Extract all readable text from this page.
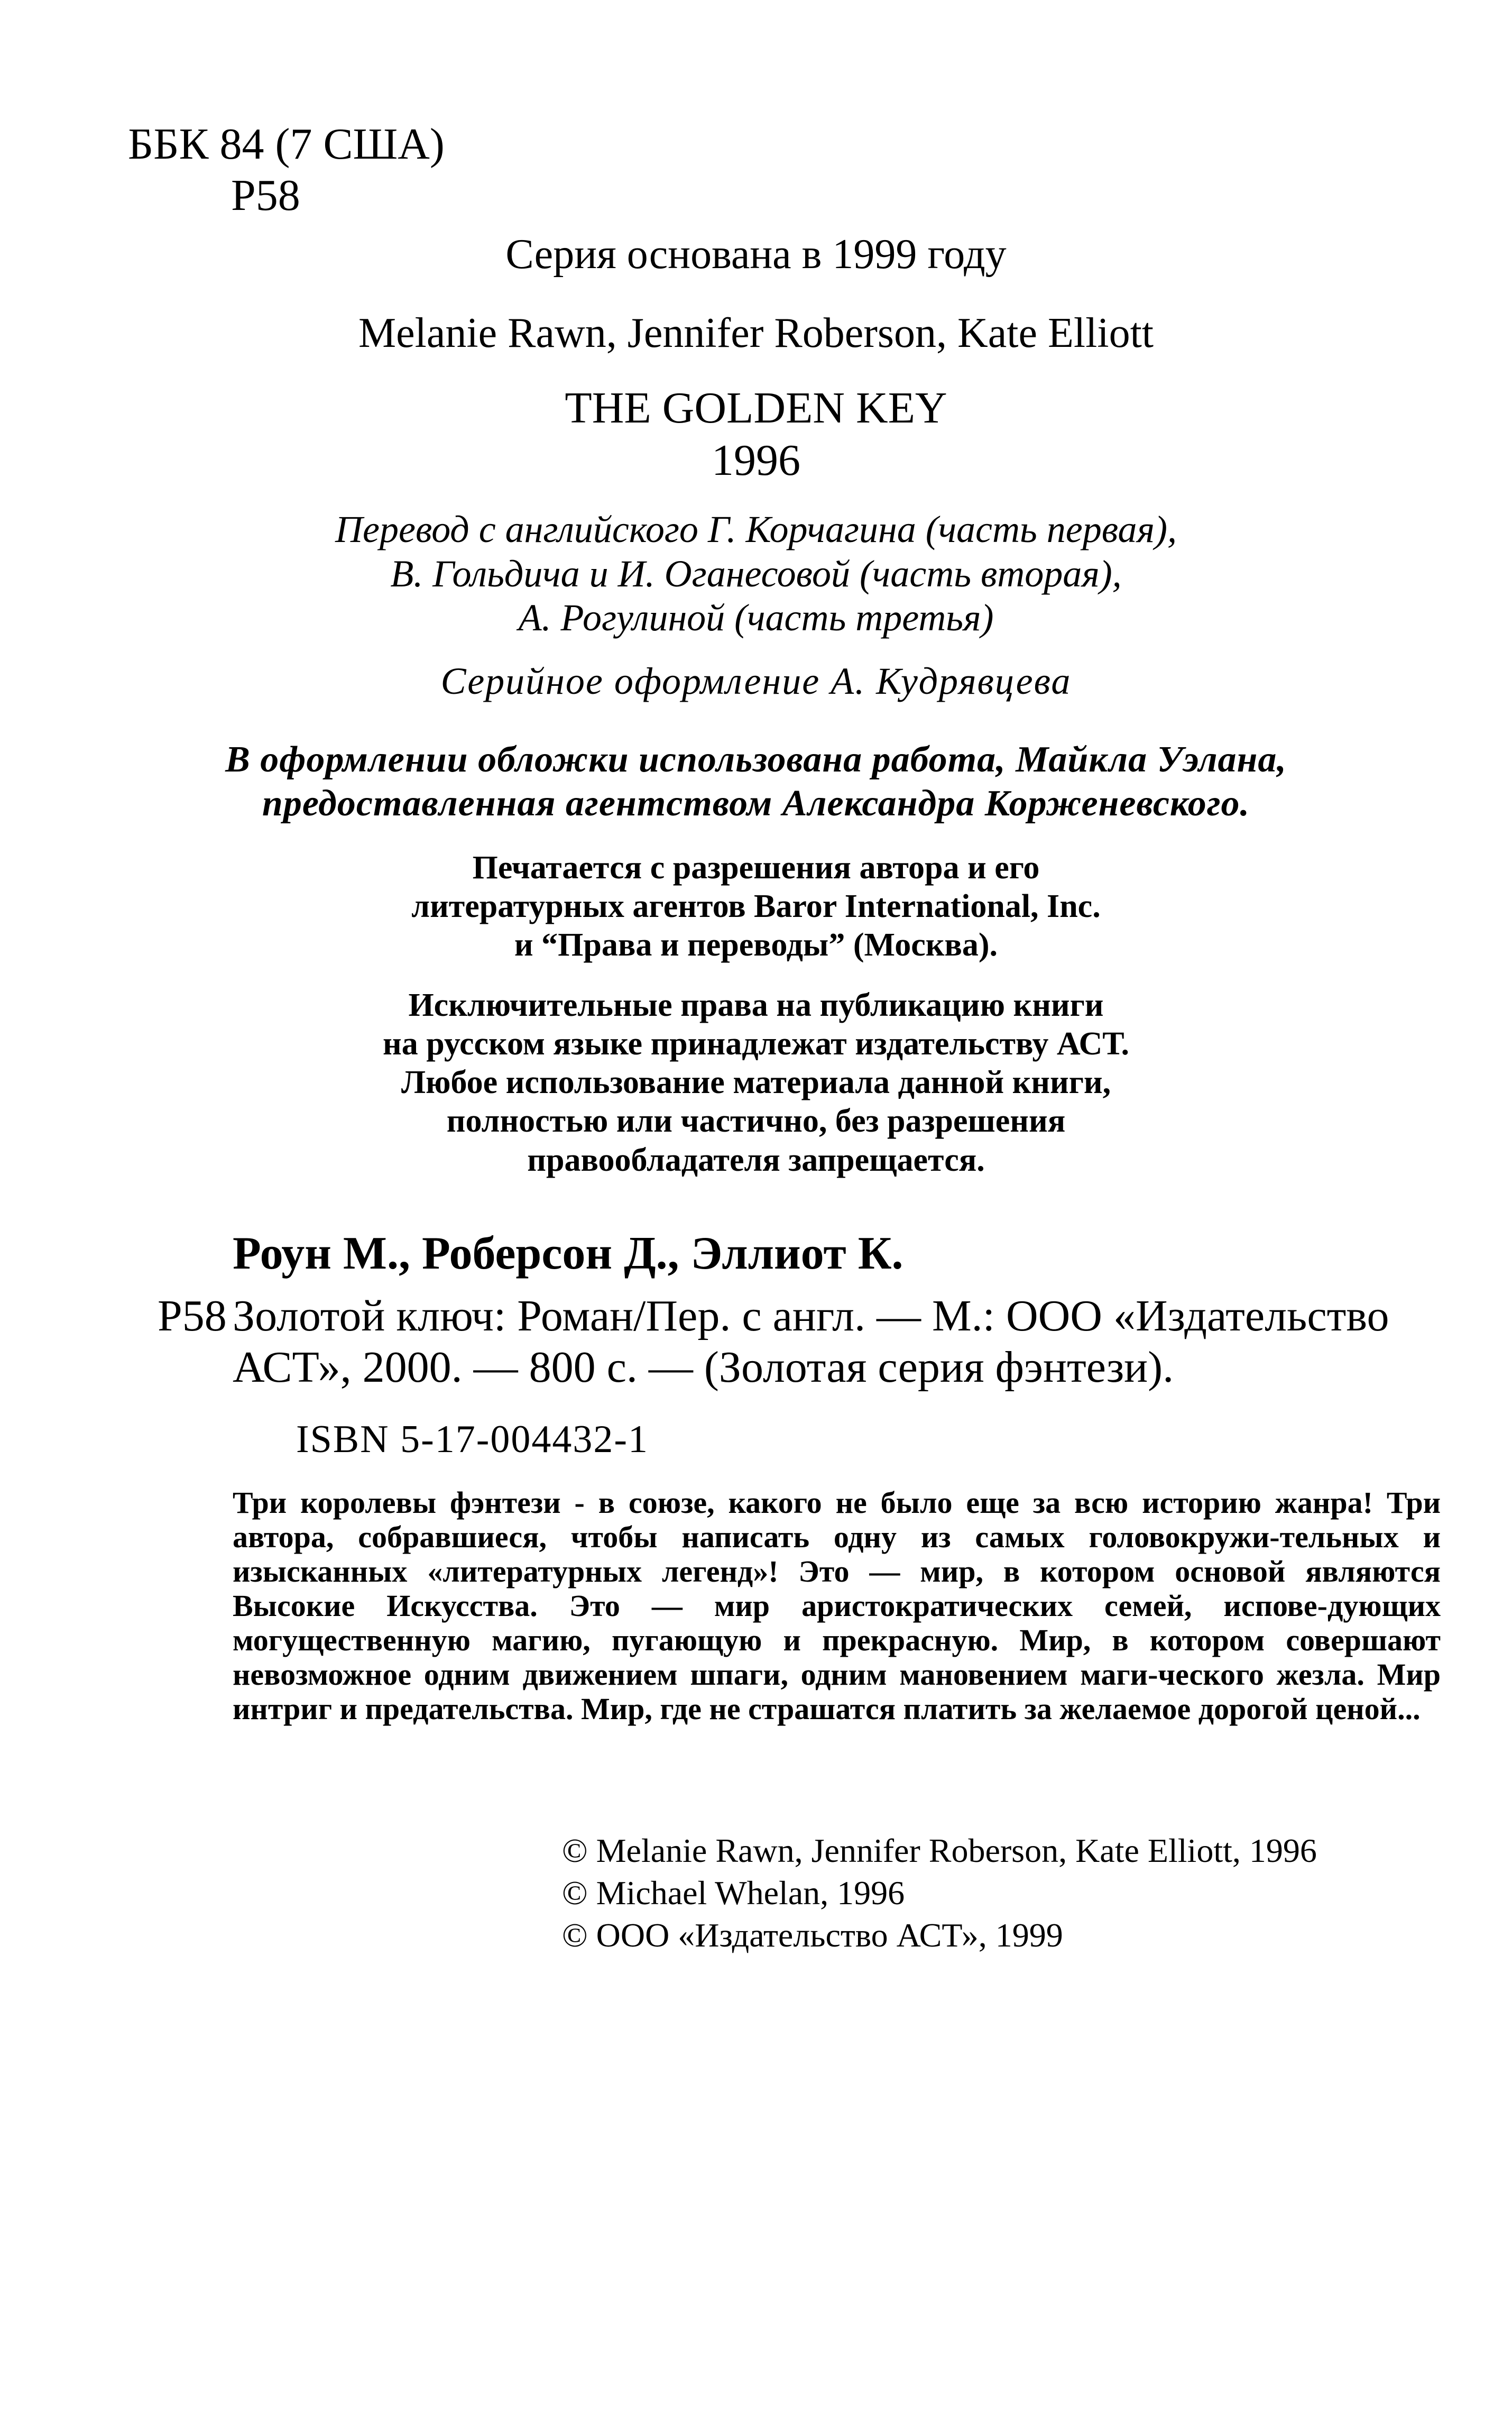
ББК 84 (7 США)
Р58
Серия основана в 1999 году
Melanie Rawn, Jennifer Roberson, Kate Elliott
THE GOLDEN KEY
1996
Перевод с английского Г. Корчагина (часть первая),
В. Гольдича и И. Оганесовой (часть вторая),
А. Рогулиной (часть третья)
Серийное оформление А. Кудрявцева
В оформлении обложки использована работа, Майкла Уэлана,
предоставленная агентством Александра Корженевского.
Печатается с разрешения автора и его
литературных агентов Baror International, Inc.
и “Права и переводы” (Москва).
Исключительные права на публикацию книги
на русском языке принадлежат издательству АСТ.
Любое использование материала данной книги,
полностью или частично, без разрешения
правообладателя запрещается.
Роун М., Роберсон Д., Эллиот К.
Р58 Золотой ключ: Роман/Пер. с англ. — М.: ООО «Издательство
АСТ», 2000. — 800 с. — (Золотая серия фэнтези).
ISBN 5-17-004432-1
Три королевы фэнтези - в союзе, какого не было еще за всю историю жанра! Три автора, собравшиеся, чтобы написать одну из самых головокружи-тельных и изысканных «литературных легенд»! Это — мир, в котором основой являются Высокие Искусства. Это — мир аристократических семей, испове-дующих могущественную магию, пугающую и прекрасную. Мир, в котором совершают невозможное одним движением шпаги, одним мановением маги-ческого жезла. Мир интриг и предательства. Мир, где не страшатся платить за желаемое дорогой ценой...
© Melanie Rawn, Jennifer Roberson, Kate Elliott, 1996
© Michael Whelan, 1996
© ООО «Издательство АСТ», 1999
